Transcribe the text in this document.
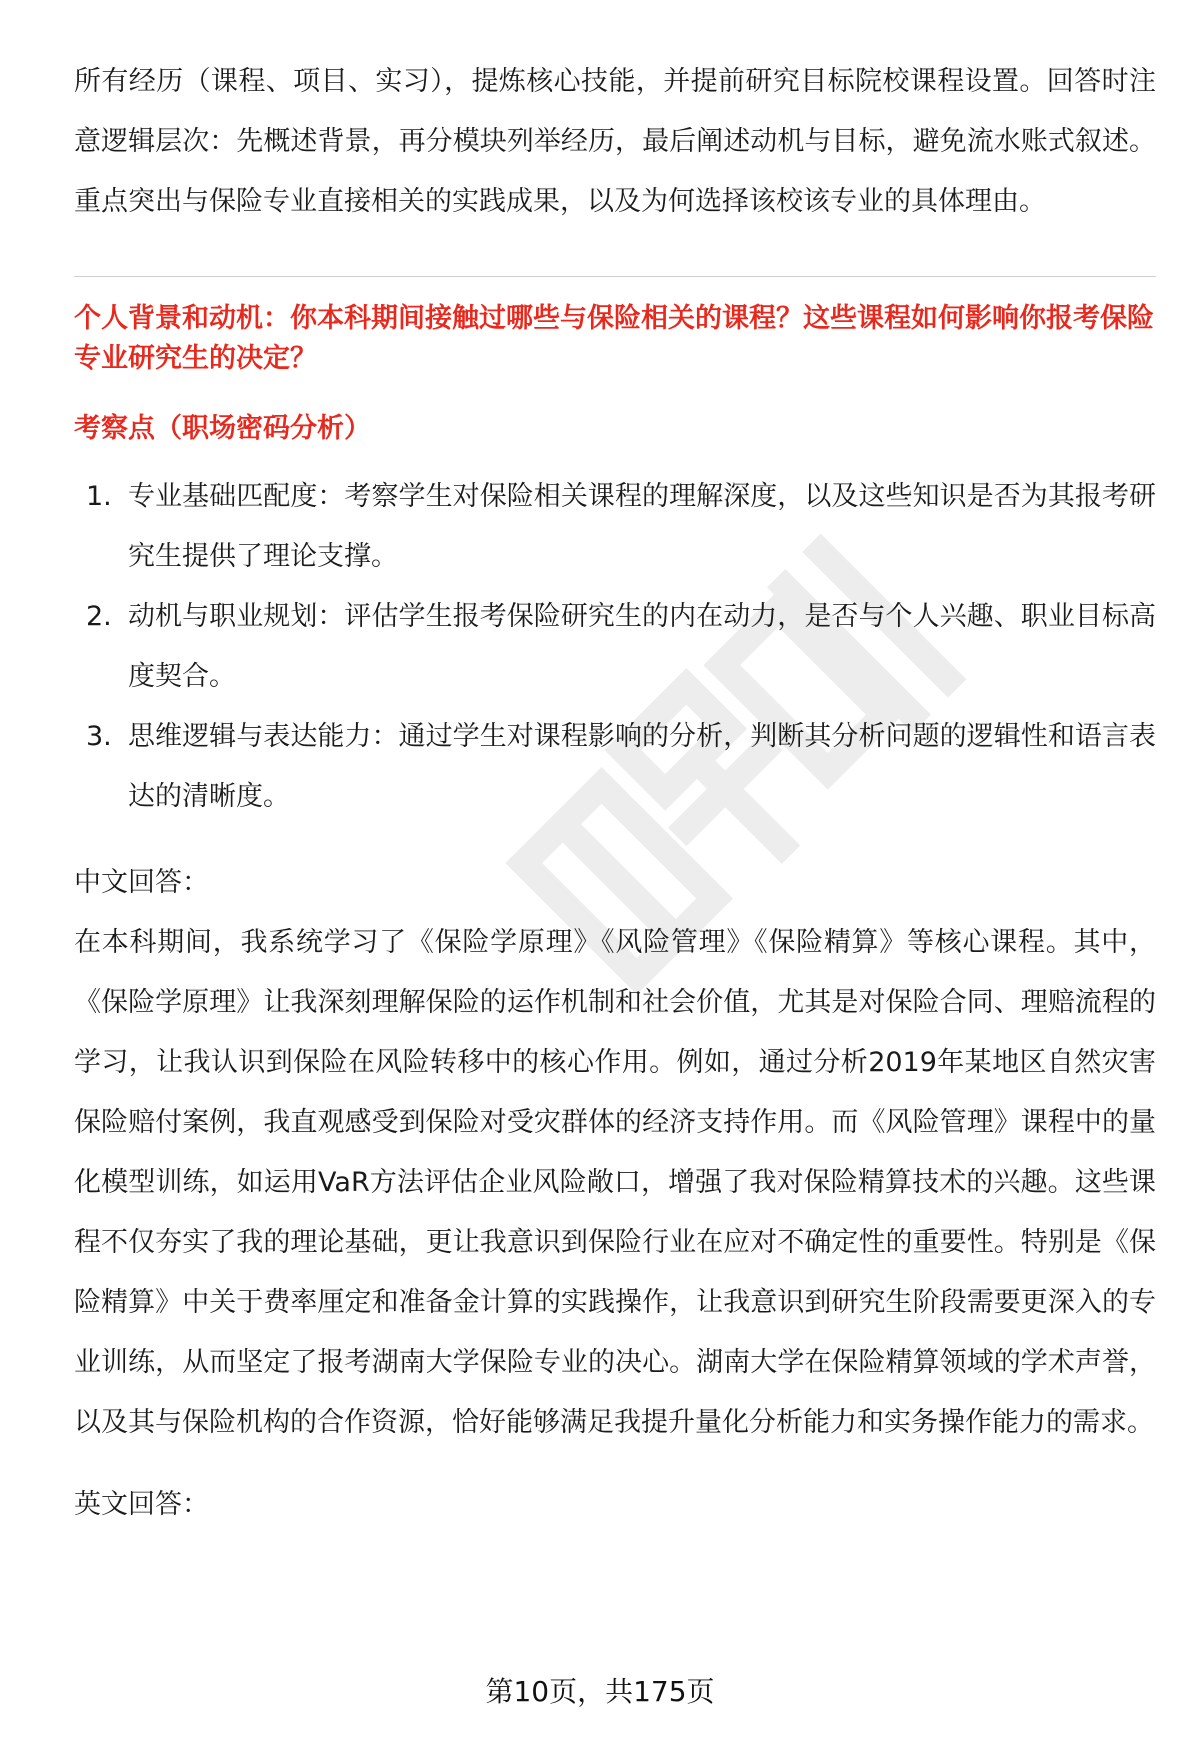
所有经历（课程、项目、实习），提炼核心技能，并提前研究目标院校课程设置。回答时注意逻辑层次：先概述背景，再分模块列举经历，最后阐述动机与目标，避免流水账式叙述。重点突出与保险专业直接相关的实践成果，以及为何选择该校该专业的具体理由。

个人背景和动机：你本科期间接触过哪些与保险相关的课程？这些课程如何影响你报考保险专业研究生的决定？

考察点（职场密码分析）

1. 专业基础匹配度：考察学生对保险相关课程的理解深度，以及这些知识是否为其报考研究生提供了理论支撑。
2. 动机与职业规划：评估学生报考保险研究生的内在动力，是否与个人兴趣、职业目标高度契合。
3. 思维逻辑与表达能力：通过学生对课程影响的分析，判断其分析问题的逻辑性和语言表达的清晰度。

中文回答：

在本科期间，我系统学习了《保险学原理》《风险管理》《保险精算》等核心课程。其中，《保险学原理》让我深刻理解保险的运作机制和社会价值，尤其是对保险合同、理赔流程的学习，让我认识到保险在风险转移中的核心作用。例如，通过分析2019年某地区自然灾害保险赔付案例，我直观感受到保险对受灾群体的经济支持作用。而《风险管理》课程中的量化模型训练，如运用VaR方法评估企业风险敞口，增强了我对保险精算技术的兴趣。这些课程不仅夯实了我的理论基础，更让我意识到保险行业在应对不确定性的重要性。特别是《保险精算》中关于费率厘定和准备金计算的实践操作，让我意识到研究生阶段需要更深入的专业训练，从而坚定了报考湖南大学保险专业的决心。湖南大学在保险精算领域的学术声誉，以及其与保险机构的合作资源，恰好能够满足我提升量化分析能力和实务操作能力的需求。

英文回答：

第10页，共175页
